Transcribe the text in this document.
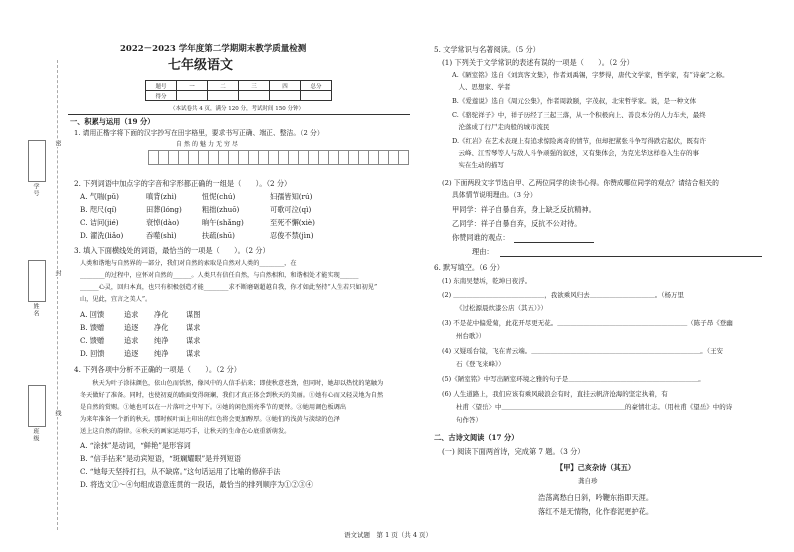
学号
姓名
班级
密
封
线
2022－2023 学年度第二学期期末教学质量检测
七年级语文
题号	一	二	三	四	总分
得分					
（本试卷共 4 页，满分 120 分，考试时间 150 分钟）
一、积累与运用（19 分）
1. 请用正楷字将下面的汉字抄写在田字格里，要求书写正确、端正、整洁。（2 分）
自然的魅力无穷尽
2. 下列词语中加点字的字音和字形都正确的一组是（　　）。（2 分）
A. 气喘(pǔ)	嗔背(zhi)	忸怩(chú)	妇孺皆知(rú)
B. 咫尺(qí)	田葬(lóng)	粗拙(zhuō)	可歌可泣(qì)
C. 诘问(jié)	衰悼(dào)	晌午(shǎng)	至死不懈(xiè)
D. 濯洗(liǎo)	吞噬(shì)	扶疏(shū)	忍俊不禁(jìn)
3. 填入下面横线处的词语，最恰当的一项是（　　）。（2 分）
人类和谐地与自然界的一部分，我们对自然的索取是自然对人类的________，在
________的过程中，应怀对自然的______。人类只有信任自然，与自然相和，和谐相处才能实现______
______心灵，回归本真，也只有积极创造才能________求不断磨砺超越自我，你才如此坚持“人生若只如初见”
山，见此，宜言之美人”。
A. 回馈	追求 净化 谋图
B. 馈赠	追逐 净化 谋求
C. 馈赠	追求 纯净 谋求
D. 回馈	追逐 纯净 谋求
4. 下列各项中分析不正确的一项是（　　）。（2 分）
　　秋天为叶子涂抹颜色，依山色而恬然，像风中的人信手拈来；即使秋意苍劲，但同时，她却以热忱的笔触为
冬天做好了准备。同时，也使初夏的路面变得斑斓，我们才真正体会到秋天的美丽。①她有心而又轻灵地为自然
是自然的赏赐。①她也可以在一片落叶之中写下。②她的闲色照亮季节的更替。③她用调色板调出
为来年准备一个新的秋天。那时候叶面上印出的红色将会更加醇厚。③她们的浅黄与淡绿的色泽
送上这自然的韵律。④秋天的画家运用巧手，让秋天的生命在心底重新萌发。
A. “涂抹”是动词，“鲜艳”是形容词
B. “信手拈来”是动宾短语，“斑斓耀眼”是并列短语
C. “她每天坚持打扫，从不缺席。”这句话运用了比喻的修辞手法
D. 将选文①～④句组成语意连贯的一段话，最恰当的排列顺序为①②③④
5. 文学常识与名著阅读。（5 分）
(1) 下列关于文学常识的表述有误的一项是（　　）。（2 分）
A.《陋室铭》选自《刘宾客文集》，作者刘禹锡，字梦得，唐代文学家，哲学家，有“诗豪”之称。
　人、思想家、学者
B.《爱莲说》选自《周元公集》，作者周敦颐，字茂叔，北宋哲学家。说，是一种文体
C.《骆驼祥子》中，祥子历经了三起三落，从一个积极向上、善良本分的人力车夫，最终
　沦落成了行尸走肉般的城市流民
D.《红岩》在艺术表现上有追求惊险离奇的情节，但却把紧张斗争写得跌宕起伏，既有许
　云峰、江雪琴等人与敌人斗争顽强的叙述，又有集体会，为克光华这样卷入生存的事
　实在生动的描写
(2) 下面两段文字节选自甲、乙两位同学的读书心得。你赞成哪位同学的观点？请结合相关的
具体情节说明理由。（3 分）
甲同学：祥子自暴自弃，身上缺乏反抗精神。
乙同学：祥子自暴自弃，反抗不公对待。
你赞同谁的观点：
理由：
6. 默写填空。（6 分）
(1) 东南吴楚坼，乾坤日夜浮。
(2) ＿＿＿＿＿＿＿＿＿＿＿＿＿＿，我欲乘风归去＿＿＿＿＿＿＿＿＿＿。（杨万里
《过松源晨炊漆公店（其五）》）
(3) 不是花中偏爱菊，此花开尽更无花。＿＿＿＿＿＿＿＿＿＿＿＿＿＿＿＿＿＿＿＿（陈子昂《登幽
州台歌》）
(4) 又疑瑶台镜，飞在青云端。＿＿＿＿＿＿＿＿＿＿＿＿＿＿＿＿＿＿＿＿＿＿＿＿＿＿。（王安
石《登飞来峰》）
(5)《陋室铭》中写出陋室环境之雅的句子是＿＿＿＿＿＿＿＿＿＿＿＿＿＿＿＿＿＿＿＿。
(6) 人生道路上，我们应该有乘风破浪会有时，直挂云帆济沧海的坚定执着，有
杜甫〈望岳〉中＿＿＿＿＿＿＿＿＿＿＿＿＿＿＿＿＿＿＿的豪情壮志。（用杜甫《望岳》中的诗
句作答）
二、古诗文阅读（17 分）
(一) 阅读下面两首诗，完成第 7 题。（3 分）
【甲】己亥杂诗（其五）
龚自珍
浩荡离愁白日斜，吟鞭东指即天涯。
落红不是无情物，化作春泥更护花。
语文试题　第 1 页（共 4 页）
